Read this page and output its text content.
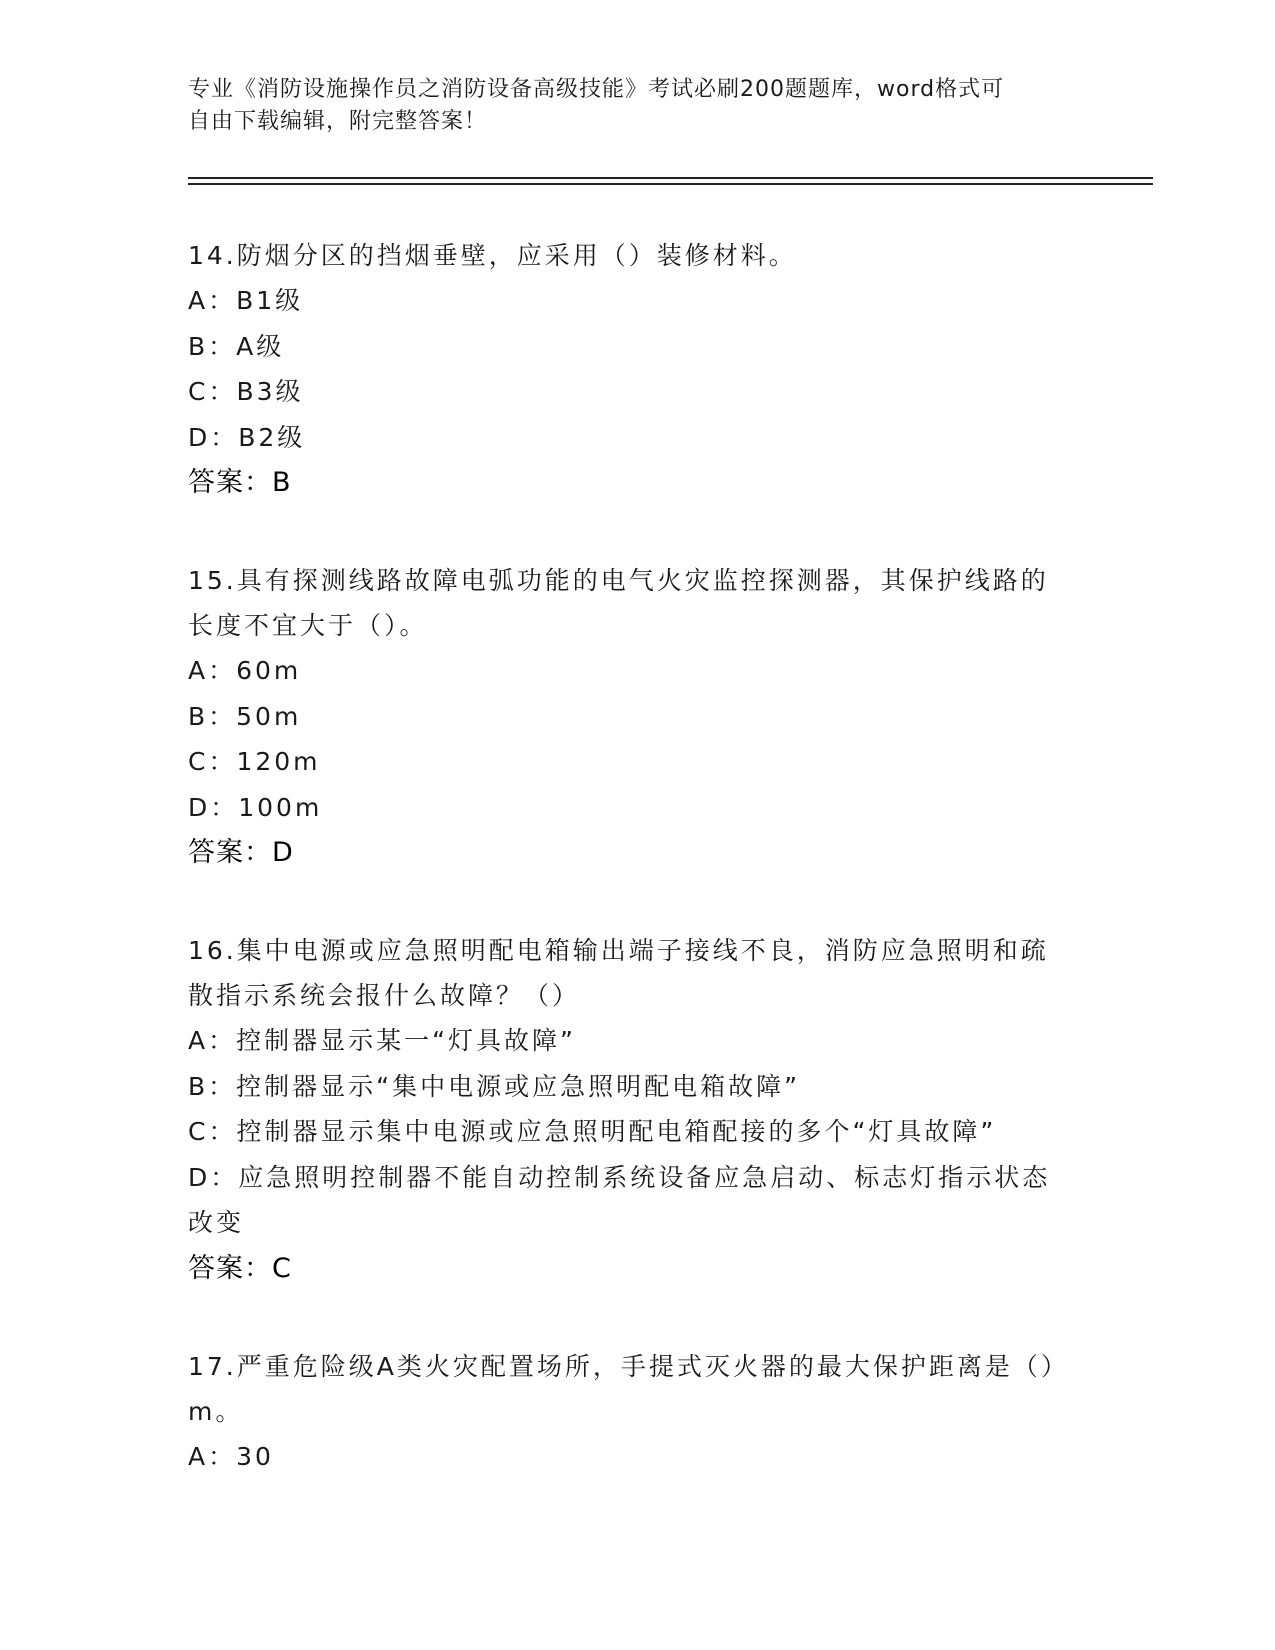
专业《消防设施操作员之消防设备高级技能》考试必刷200题题库，word格式可
自由下载编辑，附完整答案！

14.防烟分区的挡烟垂壁，应采用（）装修材料。

A：B1级

B：A级

C：B3级

D：B2级

答案：B

15.具有探测线路故障电弧功能的电气火灾监控探测器，其保护线路的长度不宜大于（）。

A：60m

B：50m

C：120m

D：100m

答案：D

16.集中电源或应急照明配电箱输出端子接线不良，消防应急照明和疏散指示系统会报什么故障？（）

A：控制器显示某一“灯具故障”

B：控制器显示“集中电源或应急照明配电箱故障”

C：控制器显示集中电源或应急照明配电箱配接的多个“灯具故障”

D：应急照明控制器不能自动控制系统设备应急启动、标志灯指示状态改变

答案：C

17.严重危险级A类火灾配置场所，手提式灭火器的最大保护距离是（）m。

A：30
